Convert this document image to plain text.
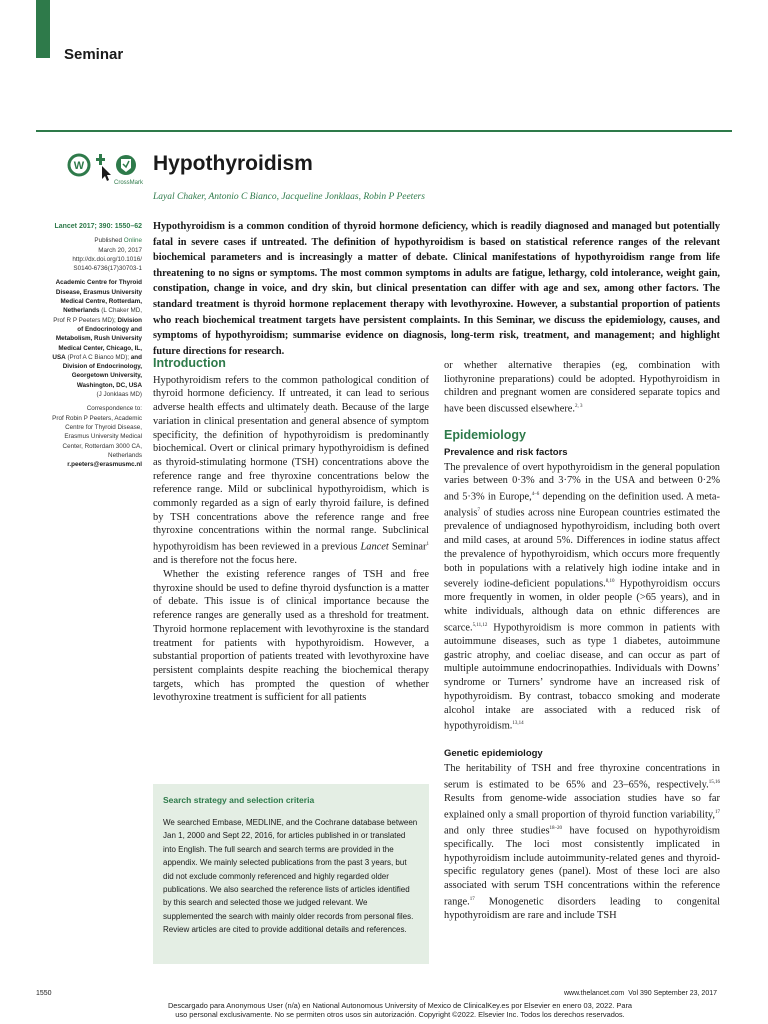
Seminar
W
CrossMark
Hypothyroidism
Layal Chaker, Antonio C Bianco, Jacqueline Jonklaas, Robin P Peeters
Lancet 2017; 390: 1550–62
Published Online
March 20, 2017
http://dx.doi.org/10.1016/
S0140-6736(17)30703-1
Academic Centre for Thyroid
Disease, Erasmus University
Medical Centre, Rotterdam,
Netherlands (L Chaker MD,
Prof R P Peeters MD); Division
of Endocrinology and
Metabolism, Rush University
Medical Center, Chicago, IL,
USA (Prof A C Bianco MD); and
Division of Endocrinology,
Georgetown University,
Washington, DC, USA
(J Jonklaas MD)
Correspondence to:
Prof Robin P Peeters, Academic
Centre for Thyroid Disease,
Erasmus University Medical
Center, Rotterdam 3000 CA,
Netherlands
r.peeters@erasmusmc.nl

Hypothyroidism is a common condition of thyroid hormone deficiency, which is readily diagnosed and managed but potentially fatal in severe cases if untreated. The definition of hypothyroidism is based on statistical reference ranges of the relevant biochemical parameters and is increasingly a matter of debate. Clinical manifestations of hypothyroidism range from life threatening to no signs or symptoms. The most common symptoms in adults are fatigue, lethargy, cold intolerance, weight gain, constipation, change in voice, and dry skin, but clinical presentation can differ with age and sex, among other factors. The standard treatment is thyroid hormone replacement therapy with levothyroxine. However, a substantial proportion of patients who reach biochemical treatment targets have persistent complaints. In this Seminar, we discuss the epidemiology, causes, and symptoms of hypothyroidism; summarise evidence on diagnosis, long-term risk, treatment, and management; and highlight future directions for research.

Introduction

Hypothyroidism refers to the common pathological condition of thyroid hormone deficiency. If untreated, it can lead to serious adverse health effects and ultimately death. Because of the large variation in clinical presentation and general absence of symptom specificity, the definition of hypothyroidism is predominantly biochemical. Overt or clinical primary hypothyroidism is defined as thyroid-stimulating hormone (TSH) concentrations above the reference range and free thyroxine concentrations below the reference range. Mild or subclinical hypothyroidism, which is commonly regarded as a sign of early thyroid failure, is defined by TSH concentrations above the reference range and free thyroxine concentrations within the normal range. Subclinical hypothyroidism has been reviewed in a previous Lancet Seminar$^1$ and is therefore not the focus here.

Whether the existing reference ranges of TSH and free thyroxine should be used to define thyroid dysfunction is a matter of debate. This issue is of clinical importance because the reference ranges are generally used as a threshold for treatment. Thyroid hormone replacement with levothyroxine is the standard treatment for patients with hypothyroidism. However, a substantial proportion of patients treated with levothyroxine have persistent complaints despite reaching the biochemical therapy targets, which has prompted the question of whether levothyroxine treatment is sufficient for all patients

Search strategy and selection criteria
We searched Embase, MEDLINE, and the Cochrane database between Jan 1, 2000 and Sept 22, 2016, for articles published in or translated into English. The full search and search terms are provided in the appendix. We mainly selected publications from the past 3 years, but did not exclude commonly referenced and highly regarded older publications. We also searched the reference lists of articles identified by this search and selected those we judged relevant. We supplemented the search with mainly older records from personal files. Review articles are cited to provide additional details and references.

or whether alternative therapies (eg, combination with liothyronine preparations) could be adopted. Hypothyroidism in children and pregnant women are considered separate topics and have been discussed elsewhere.$^{2, 3}$

Epidemiology
Prevalence and risk factors

The prevalence of overt hypothyroidism in the general population varies between 0·3% and 3·7% in the USA and between 0·2% and 5·3% in Europe,$^{4-6}$ depending on the definition used. A meta-analysis$^7$ of studies across nine European countries estimated the prevalence of undiagnosed hypothyroidism, including both overt and mild cases, at around 5%. Differences in iodine status affect the prevalence of hypothyroidism, which occurs more frequently both in populations with a relatively high iodine intake and in severely iodine-deficient populations.$^{8,10}$ Hypothyroidism occurs more frequently in women, in older people (>65 years), and in white individuals, although data on ethnic differences are scarce.$^{5,11,12}$ Hypothyroidism is more common in patients with autoimmune diseases, such as type 1 diabetes, autoimmune gastric atrophy, and coeliac disease, and can occur as part of multiple autoimmune endocrinopathies. Individuals with Downs’ syndrome or Turners’ syndrome have an increased risk of hypothyroidism. By contrast, tobacco smoking and moderate alcohol intake are associated with a reduced risk of hypothyroidism.$^{13,14}$

Genetic epidemiology

The heritability of TSH and free thyroxine concentrations in serum is estimated to be 65% and 23–65%, respectively.$^{15,16}$ Results from genome-wide association studies have so far explained only a small proportion of thyroid function variability,$^{17}$ and only three studies$^{18-20}$ have focused on hypothyroidism specifically. The loci most consistently implicated in hypothyroidism include autoimmunity-related genes and thyroid-specific regulatory genes (panel). Most of these loci are also associated with serum TSH concentrations within the reference range.$^{17}$ Monogenetic disorders leading to congenital hypothyroidism are rare and include TSH

1550	www.thelancet.com Vol 390 September 23, 2017
Descargado para Anonymous User (n/a) en National Autonomous University of Mexico de ClinicalKey.es por Elsevier en enero 03, 2022. Para
uso personal exclusivamente. No se permiten otros usos sin autorización. Copyright ©2022. Elsevier Inc. Todos los derechos reservados.
